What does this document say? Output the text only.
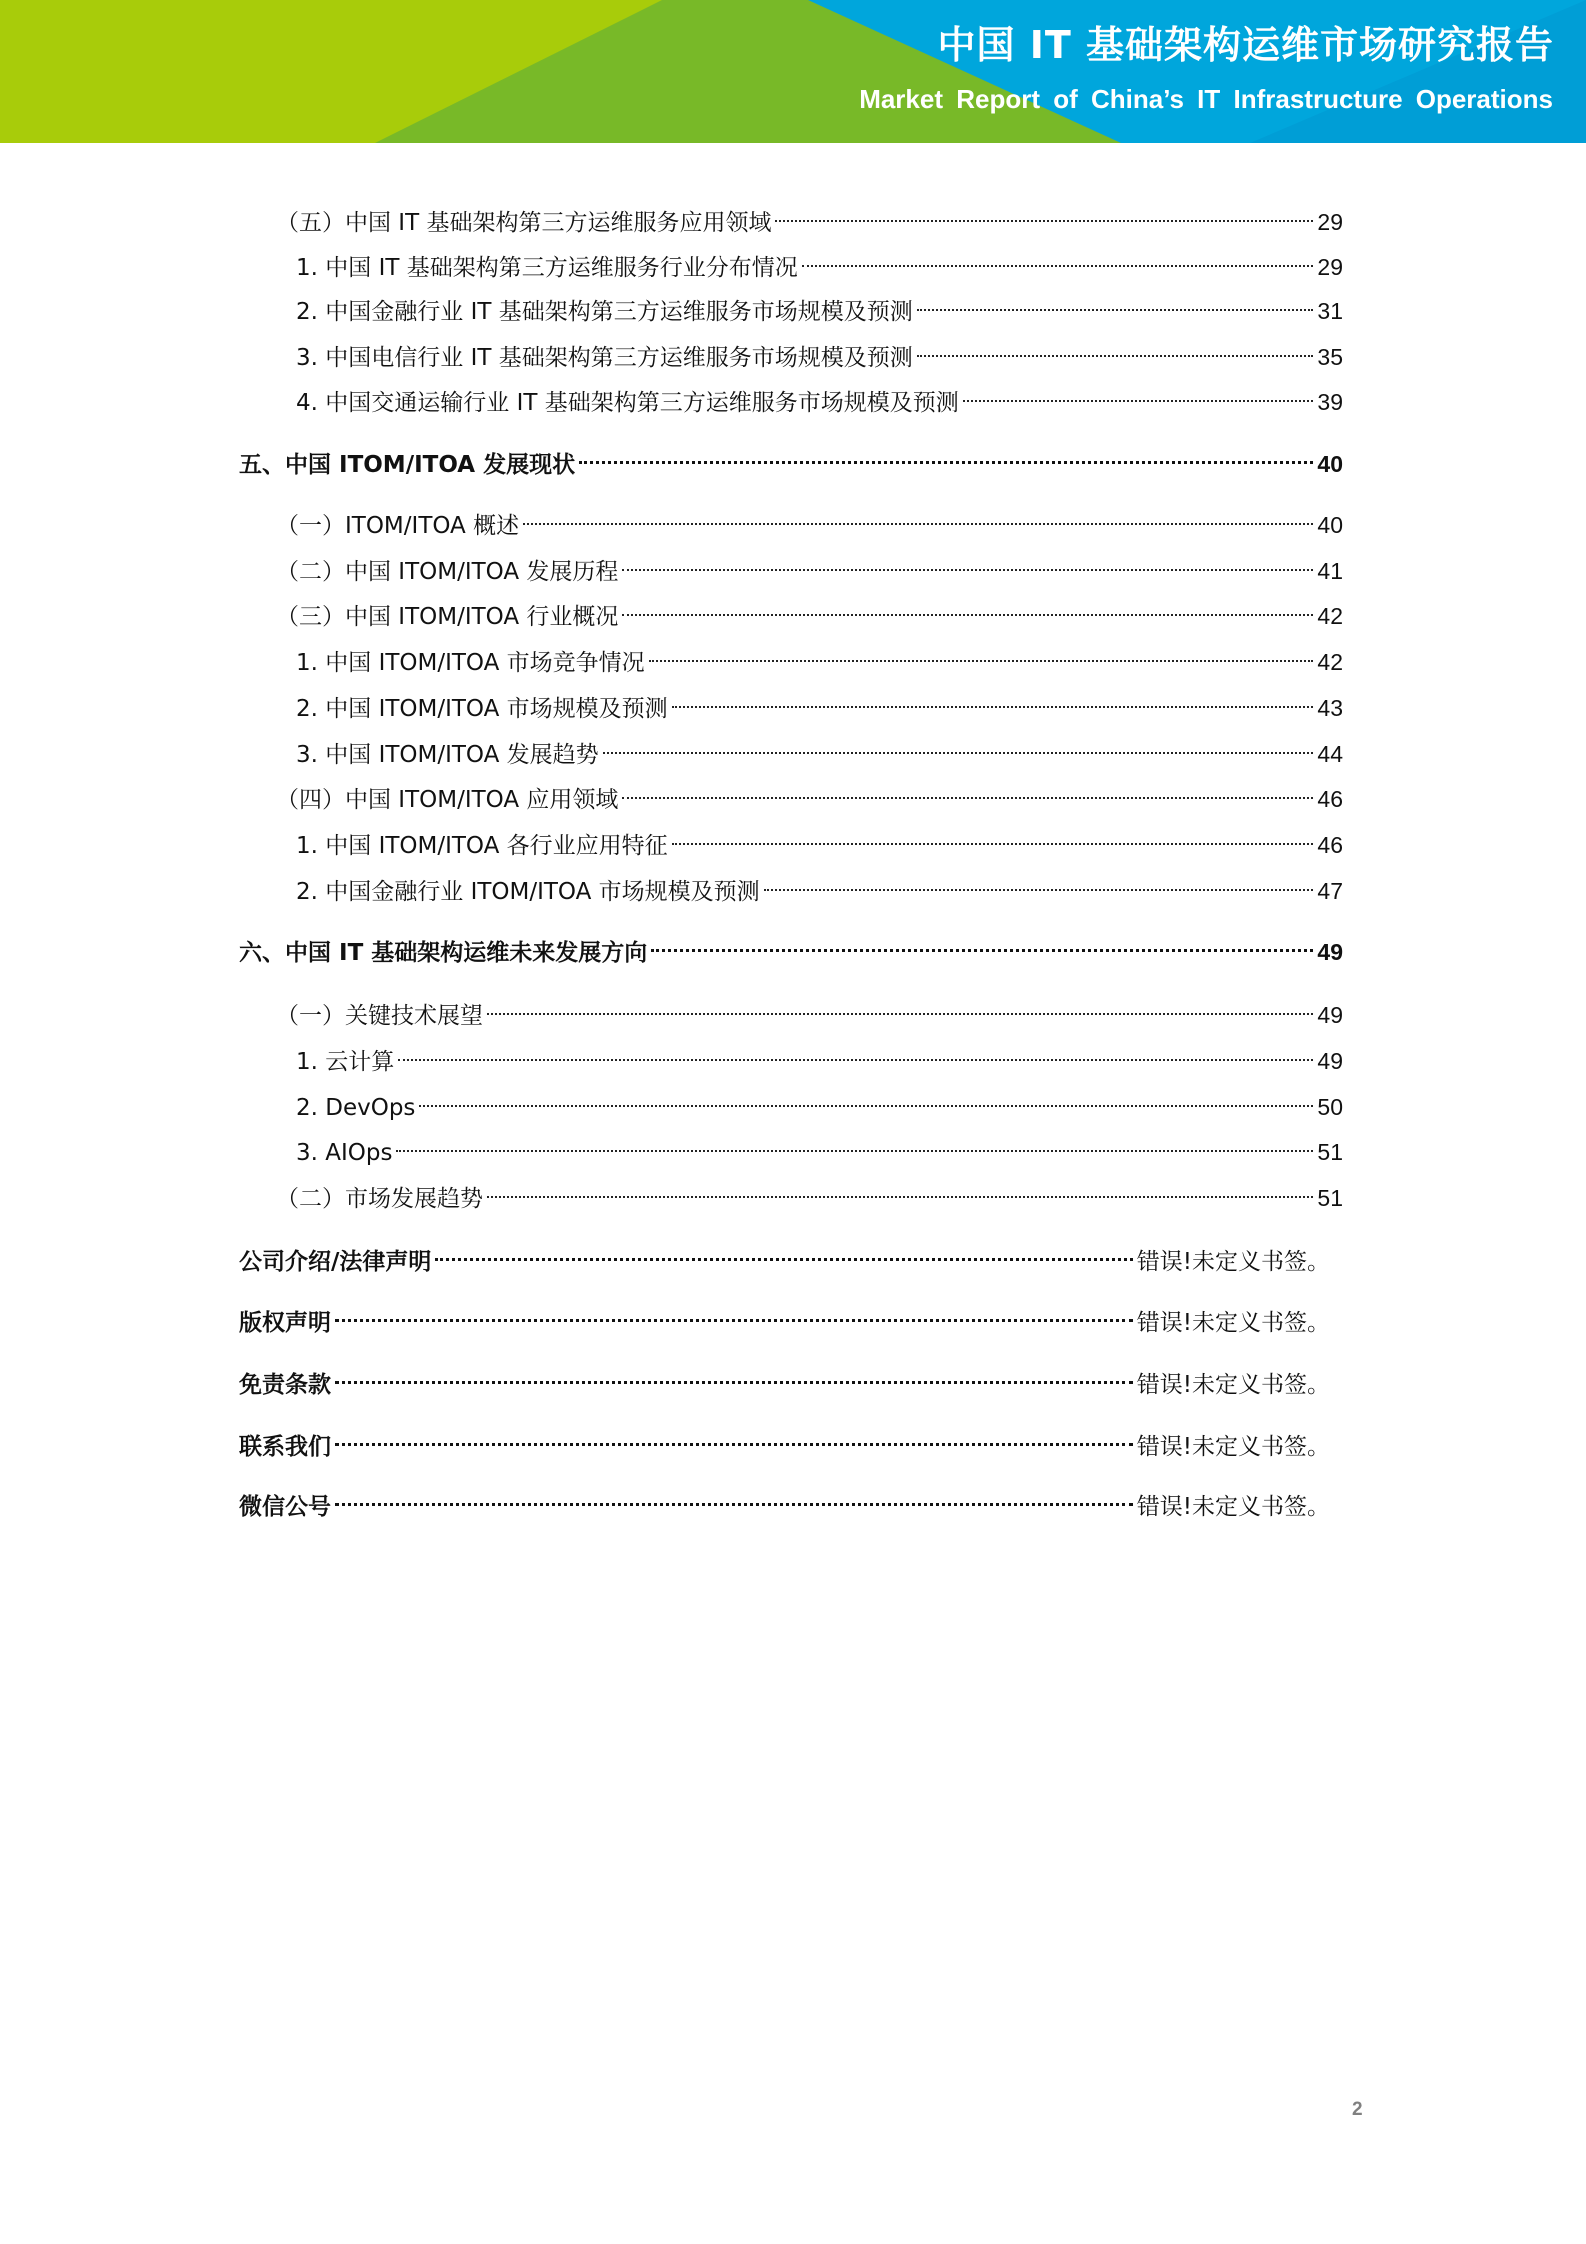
中国 IT 基础架构运维市场研究报告
Market Report of China’s IT Infrastructure Operations
（五）中国 IT 基础架构第三方运维服务应用领域	29
1. 中国 IT 基础架构第三方运维服务行业分布情况	29
2. 中国金融行业 IT 基础架构第三方运维服务市场规模及预测	31
3. 中国电信行业 IT 基础架构第三方运维服务市场规模及预测	35
4. 中国交通运输行业 IT 基础架构第三方运维服务市场规模及预测	39
五、中国 ITOM/ITOA 发展现状	40
（一）ITOM/ITOA 概述	40
（二）中国 ITOM/ITOA 发展历程	41
（三）中国 ITOM/ITOA 行业概况	42
1. 中国 ITOM/ITOA 市场竞争情况	42
2. 中国 ITOM/ITOA 市场规模及预测	43
3. 中国 ITOM/ITOA 发展趋势	44
（四）中国 ITOM/ITOA 应用领域	46
1. 中国 ITOM/ITOA 各行业应用特征	46
2. 中国金融行业 ITOM/ITOA 市场规模及预测	47
六、中国 IT 基础架构运维未来发展方向	49
（一）关键技术展望	49
1. 云计算	49
2. DevOps	50
3. AIOps	51
（二）市场发展趋势	51
公司介绍/法律声明	错误!未定义书签。
版权声明	错误!未定义书签。
免责条款	错误!未定义书签。
联系我们	错误!未定义书签。
微信公号	错误!未定义书签。
2
